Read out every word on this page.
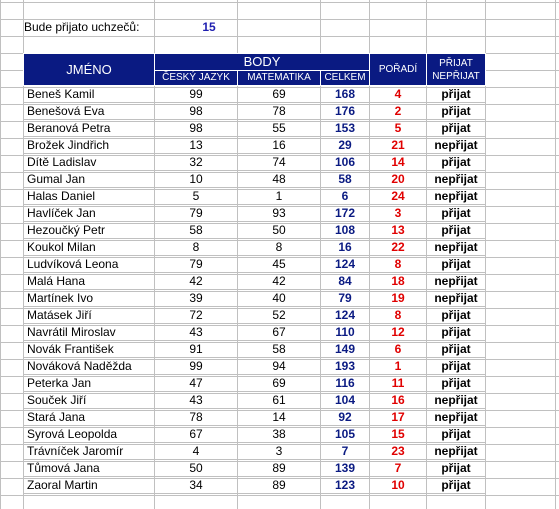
Bude přijato uchzečů:	15
JMÉNO	BODY			POŘADÍ	PŘIJAT
NEPŘIJAT
	ČESKÝ JAZYK	MATEMATIKA	CELKEM		
Beneš Kamil	99	69	168	4	přijat
Benešová Eva	98	78	176	2	přijat
Beranová Petra	98	55	153	5	přijat
Brožek Jindřich	13	16	29	21	nepřijat
Dítě Ladislav	32	74	106	14	přijat
Gumal Jan	10	48	58	20	nepřijat
Halas Daniel	5	1	6	24	nepřijat
Havlíček Jan	79	93	172	3	přijat
Hezoučký Petr	58	50	108	13	přijat
Koukol Milan	8	8	16	22	nepřijat
Ludvíková Leona	79	45	124	8	přijat
Malá Hana	42	42	84	18	nepřijat
Martínek Ivo	39	40	79	19	nepřijat
Matásek Jiří	72	52	124	8	přijat
Navrátil Miroslav	43	67	110	12	přijat
Novák František	91	58	149	6	přijat
Nováková Naděžda	99	94	193	1	přijat
Peterka Jan	47	69	116	11	přijat
Souček Jiří	43	61	104	16	nepřijat
Stará Jana	78	14	92	17	nepřijat
Syrová Leopolda	67	38	105	15	přijat
Trávníček Jaromír	4	3	7	23	nepřijat
Tůmová Jana	50	89	139	7	přijat
Zaoral Martin	34	89	123	10	přijat
